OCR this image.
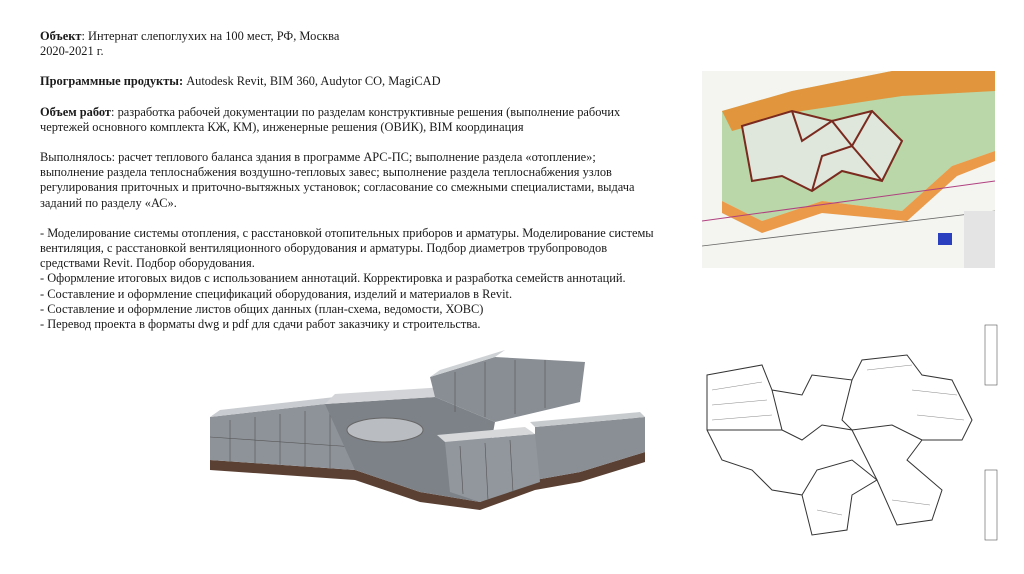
Объект: Интернат слепоглухих на 100 мест, РФ, Москва

2020-2021 г.

Программные продукты: Autodesk Revit, BIM 360, Audytor CO, MagiCAD

Объем работ: разработка рабочей документации по разделам конструктивные решения (выполнение рабочих

чертежей основного комплекта КЖ, КМ), инженерные решения (ОВИК), BIM координация

Выполнялось: расчет теплового баланса здания в программе АРС-ПС; выполнение раздела «отопление»;

выполнение раздела теплоснабжения воздушно-тепловых завес; выполнение раздела теплоснабжения узлов

регулирования приточных и приточно-вытяжных установок; согласование со смежными специалистами, выдача

заданий по разделу «АС».

- Моделирование системы отопления, с расстановкой отопительных приборов и арматуры. Моделирование системы

вентиляция, с расстановкой вентиляционного оборудования и арматуры. Подбор диаметров трубопроводов

средствами Revit. Подбор оборудования.

- Оформление итоговых видов с использованием аннотаций. Корректировка и разработка семейств аннотаций.

- Составление и оформление спецификаций оборудования, изделий и материалов в Revit.

- Составление и оформление листов общих данных (план-схема, ведомости, ХОВС)

- Перевод проекта в форматы dwg и pdf для сдачи работ заказчику и строительства.
